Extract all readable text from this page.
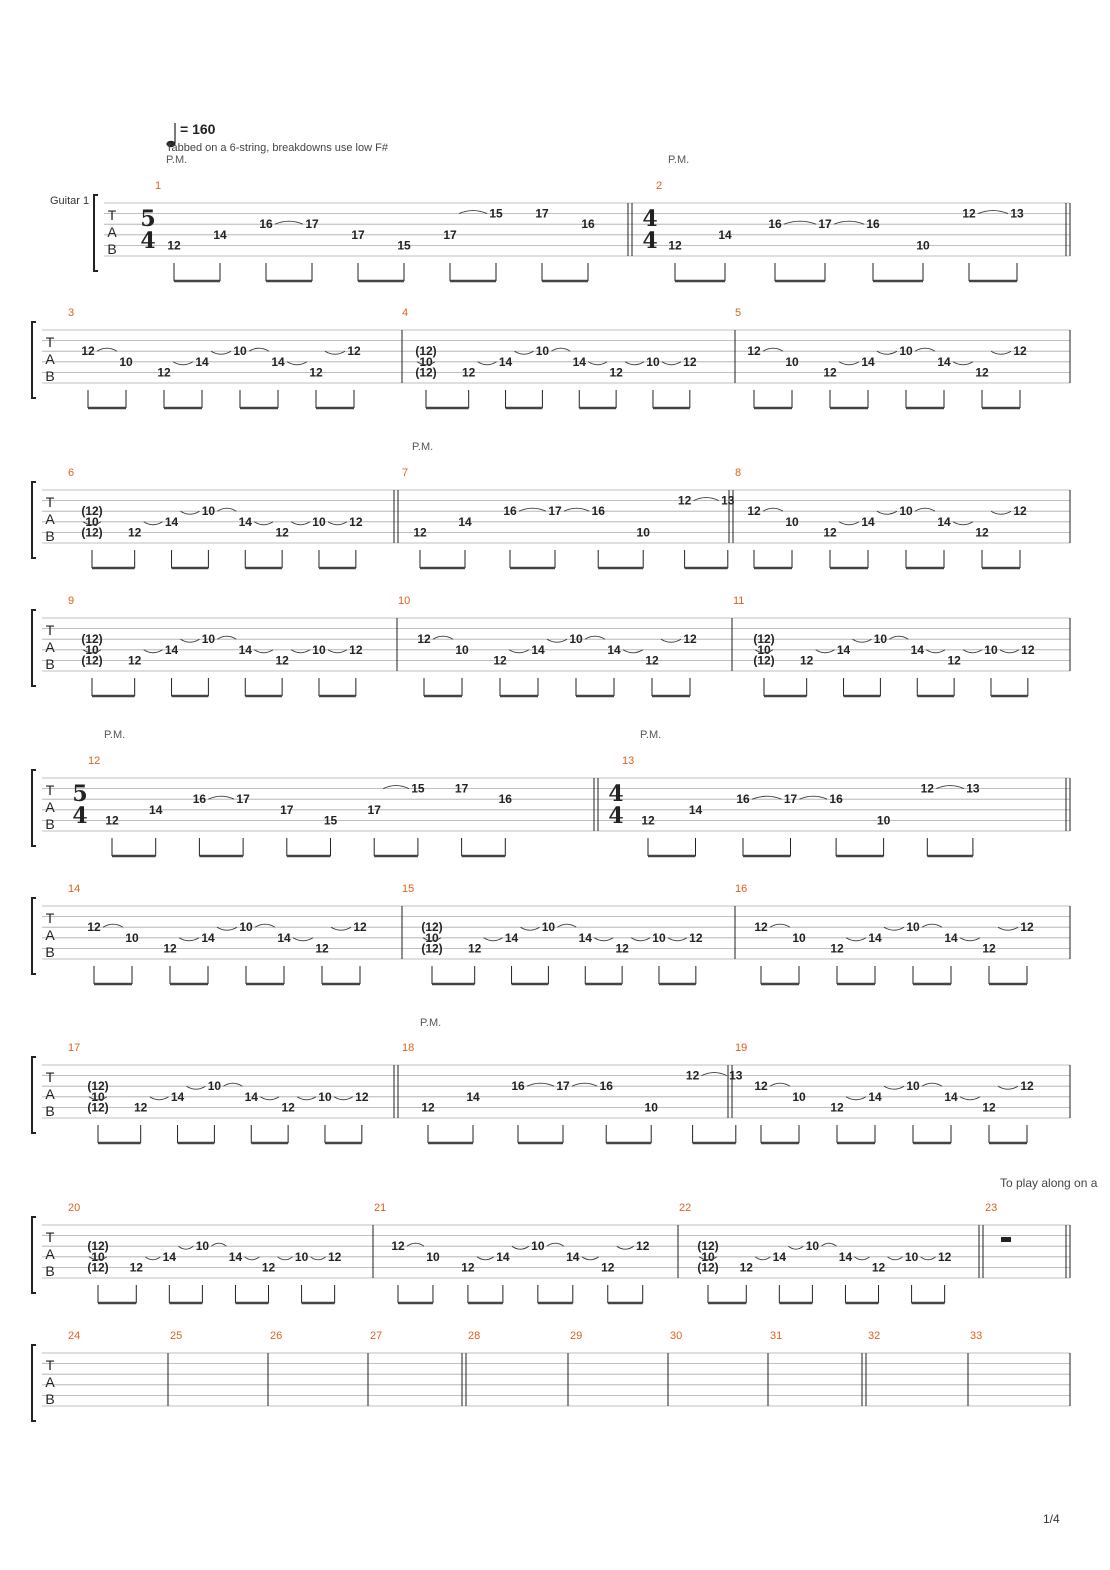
= 160
Tabbed on a 6-string, breakdowns use low F#
Guitar 1
P.M.	P.M.
P.M.
P.M.	P.M.
P.M.
To play along on a
1/4
T
A
B
1
5
4 12
14
16	17
17
15
17
15	17
16
2
4
4 12
14
16	17	16
10
12	13
T
A
B
3
12
10
12
14
10
14
12
12
4
(12)
10
(12) 12
14
10
14
12
10 12
5
12
10
12
14
10
14
12
12
T
A
B
6
(12)
10
(12) 12
14
10
14
12
10 12
7
12
14
16	17 16
10
12 13
8
12
10
12
14
10
14
12
12
T
A
B
9
(12)
10
(12) 12
14
10
14
12
10 12
10
12
10
12
14
10
14
12
12
11
(12)
10
(12) 12
14
10
14
12
10 12
T
A
B
12
5
4 12
14
16	17
17
15
17
15	17
16
13
4
4 12
14
16	17	16
10
12	13
T
A
B
14
12
10
12
14
10
14
12
12
15
(12)
10
(12) 12
14
10
14
12
10 12
16
12
10
12
14
10
14
12
12
T
A
B
17
(12)
10
(12) 12
14
10
14
12
10 12
18
12
14
16	17 16
10
12 13
19
12
10
12
14
10
14
12
12
T
A
B
20
(12)
10
(12) 12
14
10
14
12
10 12
21
12
10
12
14
10
14
12
12
22
(12)
10
(12) 12
14
10
14
12
10 12
23
T
A
B
24	25	26	27	28	29	30	31	32	33
